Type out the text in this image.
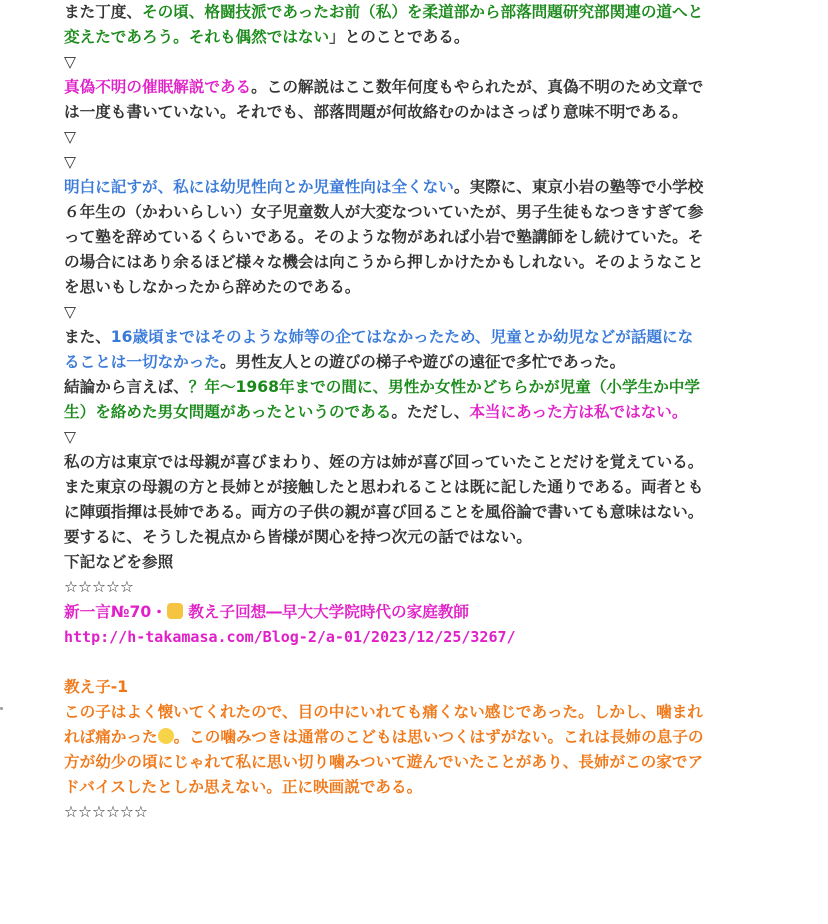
また丁度、その頃、格闘技派であったお前（私）を柔道部から部落問題研究部関連の道へと変えたであろう。それも偶然ではない」とのことである。

▽

真偽不明の催眠解説である。この解説はここ数年何度もやられたが、真偽不明のため文章では一度も書いていない。それでも、部落問題が何故絡むのかはさっぱり意味不明である。

▽

▽

明白に記すが、私には幼児性向とか児童性向は全くない。実際に、東京小岩の塾等で小学校６年生の（かわいらしい）女子児童数人が大変なついていたが、男子生徒もなつきすぎて参って塾を辞めているくらいである。そのような物があれば小岩で塾講師をし続けていた。その場合にはあり余るほど様々な機会は向こうから押しかけたかもしれない。そのようなことを思いもしなかったから辞めたのである。

▽

また、16歳頃まではそのような姉等の企てはなかったため、児童とか幼児などが話題になることは一切なかった。男性友人との遊びの梯子や遊びの遠征で多忙であった。

結論から言えば、？年〜1968年までの間に、男性か女性かどちらかが児童（小学生か中学生）を絡めた男女問題があったというのである。ただし、本当にあった方は私ではない。

▽

私の方は東京では母親が喜びまわり、姪の方は姉が喜び回っていたことだけを覚えている。また東京の母親の方と長姉とが接触したと思われることは既に記した通りである。両者ともに陣頭指揮は長姉である。両方の子供の親が喜び回ることを風俗論で書いても意味はない。要するに、そうした視点から皆様が関心を持つ次元の話ではない。

下記などを参照

☆☆☆☆☆

新一言№70・ 教え子回想―早大大学院時代の家庭教師

http://h-takamasa.com/Blog-2/a-01/2023/12/25/3267/

教え子-1

この子はよく懐いてくれたので、目の中にいれても痛くない感じであった。しかし、噛まれれば痛かった 。この噛みつきは通常のこどもは思いつくはずがない。これは長姉の息子の方が幼少の頃にじゃれて私に思い切り噛みついて遊んでいたことがあり、長姉がこの家でアドバイスしたとしか思えない。正に映画説である。

☆☆☆☆☆☆
